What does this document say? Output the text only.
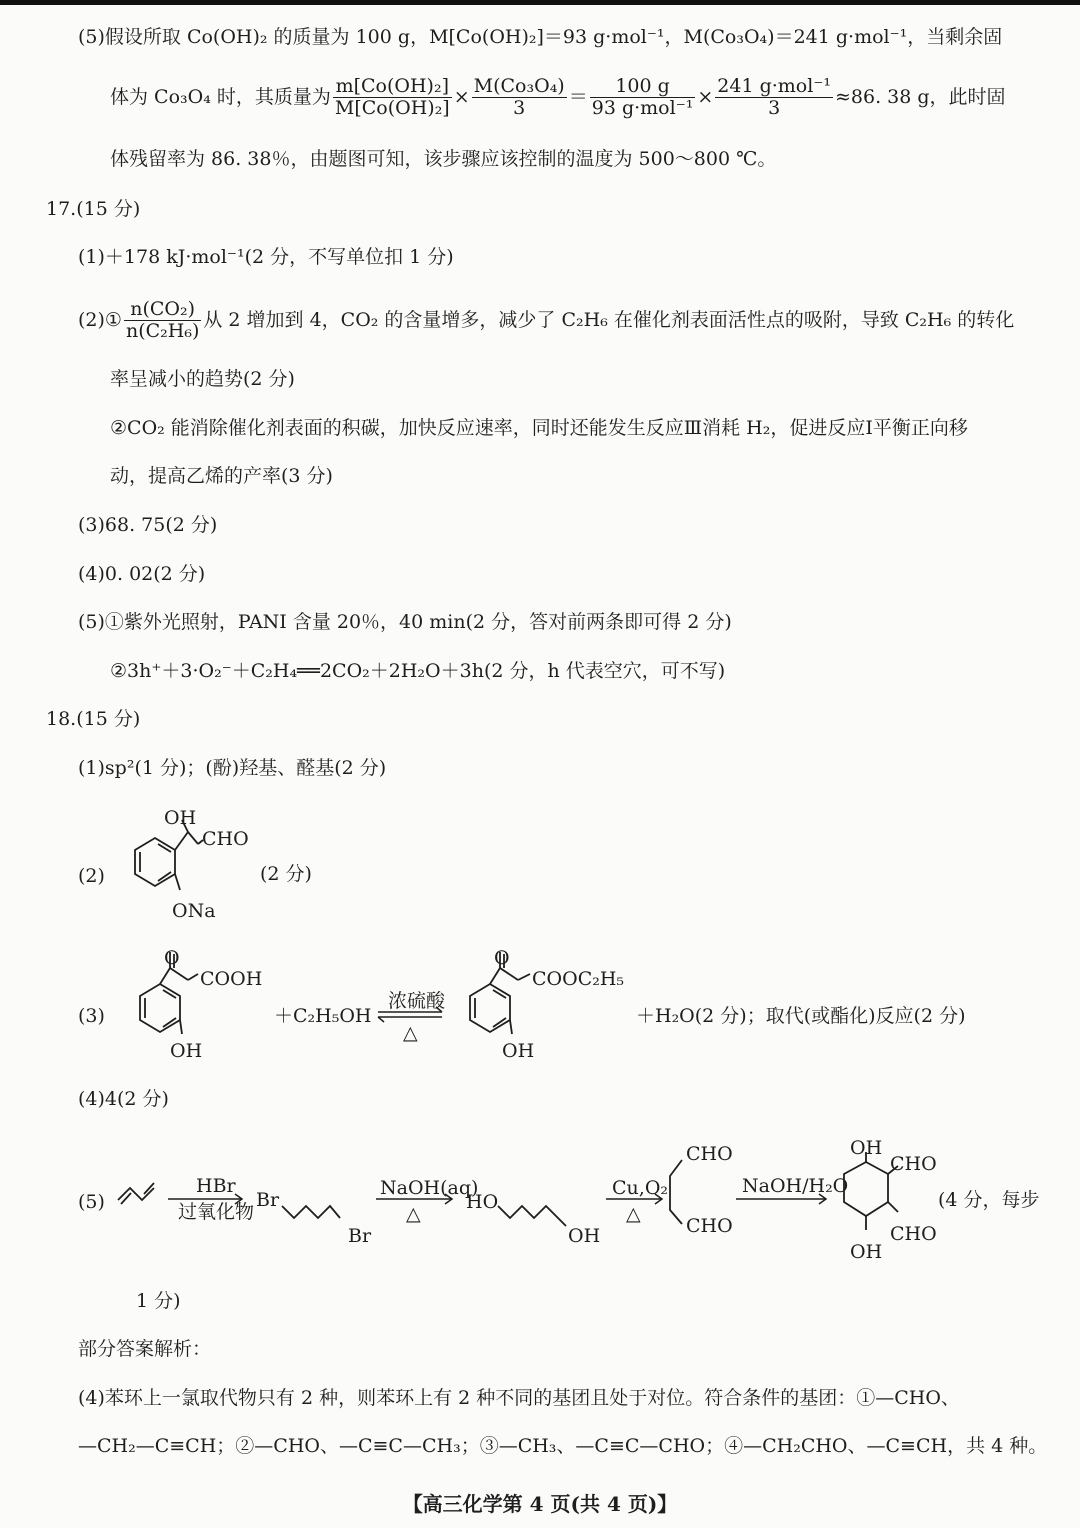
(5)假设所取 Co(OH)₂ 的质量为 100 g，M[Co(OH)₂]＝93 g·mol⁻¹，M(Co₃O₄)＝241 g·mol⁻¹，当剩余固
体为 Co₃O₄ 时，其质量为 $\frac{\text{m[Co(OH)₂]}}{\text{M[Co(OH)₂]}} \times \frac{\text{M(Co₃O₄)}}{3} = \frac{100 g}{\text{93 g·mol⁻¹}} \times \frac{\text{241 g·mol⁻¹}}{3} \approx 86$. 38 g，此时固
体残留率为 86. 38％，由题图可知，该步骤应该控制的温度为 500～800 ℃。
17.(15 分)
(1)＋178 kJ·mol⁻¹(2 分，不写单位扣 1 分)
(2)① $\frac{\text{n(CO₂)}}{\text{n(C₂H₆)}}$ 从 2 增加到 4，CO₂ 的含量增多，减少了 C₂H₆ 在催化剂表面活性点的吸附，导致 C₂H₆ 的转化
率呈减小的趋势(2 分)
②CO₂ 能消除催化剂表面的积碳，加快反应速率，同时还能发生反应Ⅲ消耗 H₂，促进反应Ⅰ平衡正向移
动，提高乙烯的产率(3 分)
(3)68. 75(2 分)
(4)0. 02(2 分)
(5)①紫外光照射，PANI 含量 20％，40 min(2 分，答对前两条即可得 2 分)
②3h⁺＋3·O₂⁻＋C₂H₄══2CO₂＋2H₂O＋3h(2 分，h 代表空穴，可不写)
18.(15 分)
(1)sp²(1 分)；(酚)羟基、醛基(2 分)
(2)
OH
CHO
ONa
(2 分)
(3)
O
COOH
OH
＋C₂H₅OH
浓硫酸
△
O
COOC₂H₅
OH
＋H₂O(2 分)；取代(或酯化)反应(2 分)
(4)4(2 分)
(5)
HBr
过氧化物
Br
Br
NaOH(aq)
△
HO
OH
Cu,O₂
△
CHO
CHO
NaOH/H₂O
OH
CHO
OH
CHO
(4 分，每步
1 分)
部分答案解析：
(4)苯环上一氯取代物只有 2 种，则苯环上有 2 种不同的基团且处于对位。符合条件的基团：①—CHO、
—CH₂—C≡CH；②—CHO、—C≡C—CH₃；③—CH₃、—C≡C—CHO；④—CH₂CHO、—C≡CH，共 4 种。
【高三化学第 4 页(共 4 页)】
